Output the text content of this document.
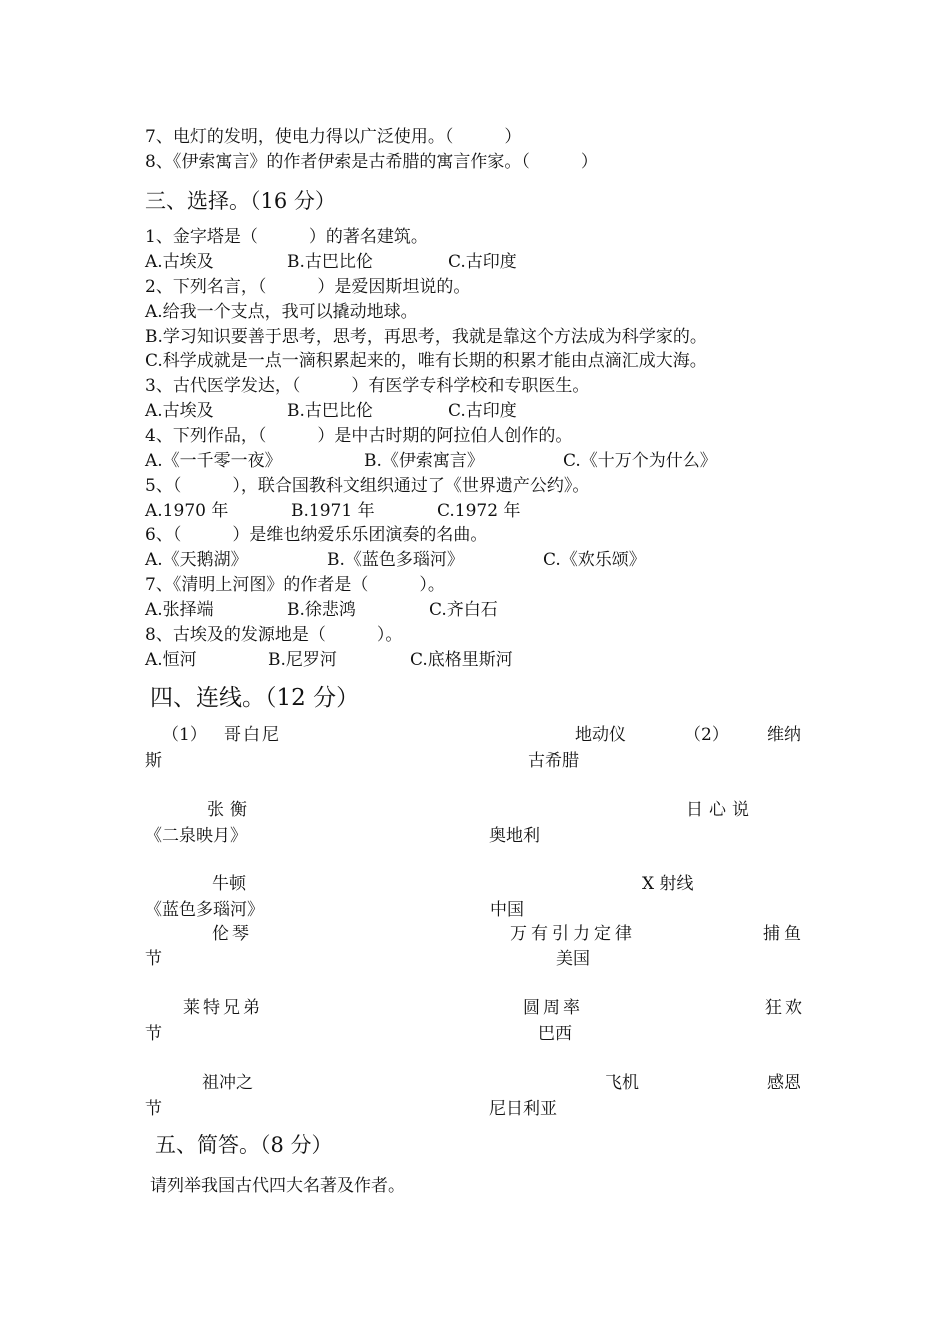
7、电灯的发明，使电力得以广泛使用。（　　　）
8、《伊索寓言》的作者伊索是古希腊的寓言作家。（　　　）
三、选择。（16 分）
1、金字塔是（　　　）的著名建筑。
A.古埃及	B.古巴比伦	C.古印度
2、下列名言，（　　　）是爱因斯坦说的。
A.给我一个支点，我可以撬动地球。
B.学习知识要善于思考，思考，再思考，我就是靠这个方法成为科学家的。
C.科学成就是一点一滴积累起来的，唯有长期的积累才能由点滴汇成大海。
3、古代医学发达，（　　　）有医学专科学校和专职医生。
A.古埃及	B.古巴比伦	C.古印度
4、下列作品，（　　　）是中古时期的阿拉伯人创作的。
A.《一千零一夜》	B.《伊索寓言》	C.《十万个为什么》
5、（　　　），联合国教科文组织通过了《世界遗产公约》。
A.1970 年	B.1971 年	C.1972 年
6、（　　　）是维也纳爱乐乐团演奏的名曲。
A.《天鹅湖》	B.《蓝色多瑙河》	C.《欢乐颂》
7、《清明上河图》的作者是（　　　）。
A.张择端	B.徐悲鸿	C.齐白石
8、古埃及的发源地是（　　　）。
A.恒河	B.尼罗河	C.底格里斯河
四、连线。（12 分）
（1） 哥白尼	地动仪	（2） 维纳
斯	古希腊
张衡	日心说
《二泉映月》	奥地利
牛顿	X 射线
《蓝色多瑙河》	中国
伦琴	万有引力定律	捕鱼
节	美国
莱特兄弟	圆周率	狂欢
节	巴西
祖冲之	飞机	感恩
节	尼日利亚
五、简答。（8 分）
请列举我国古代四大名著及作者。
